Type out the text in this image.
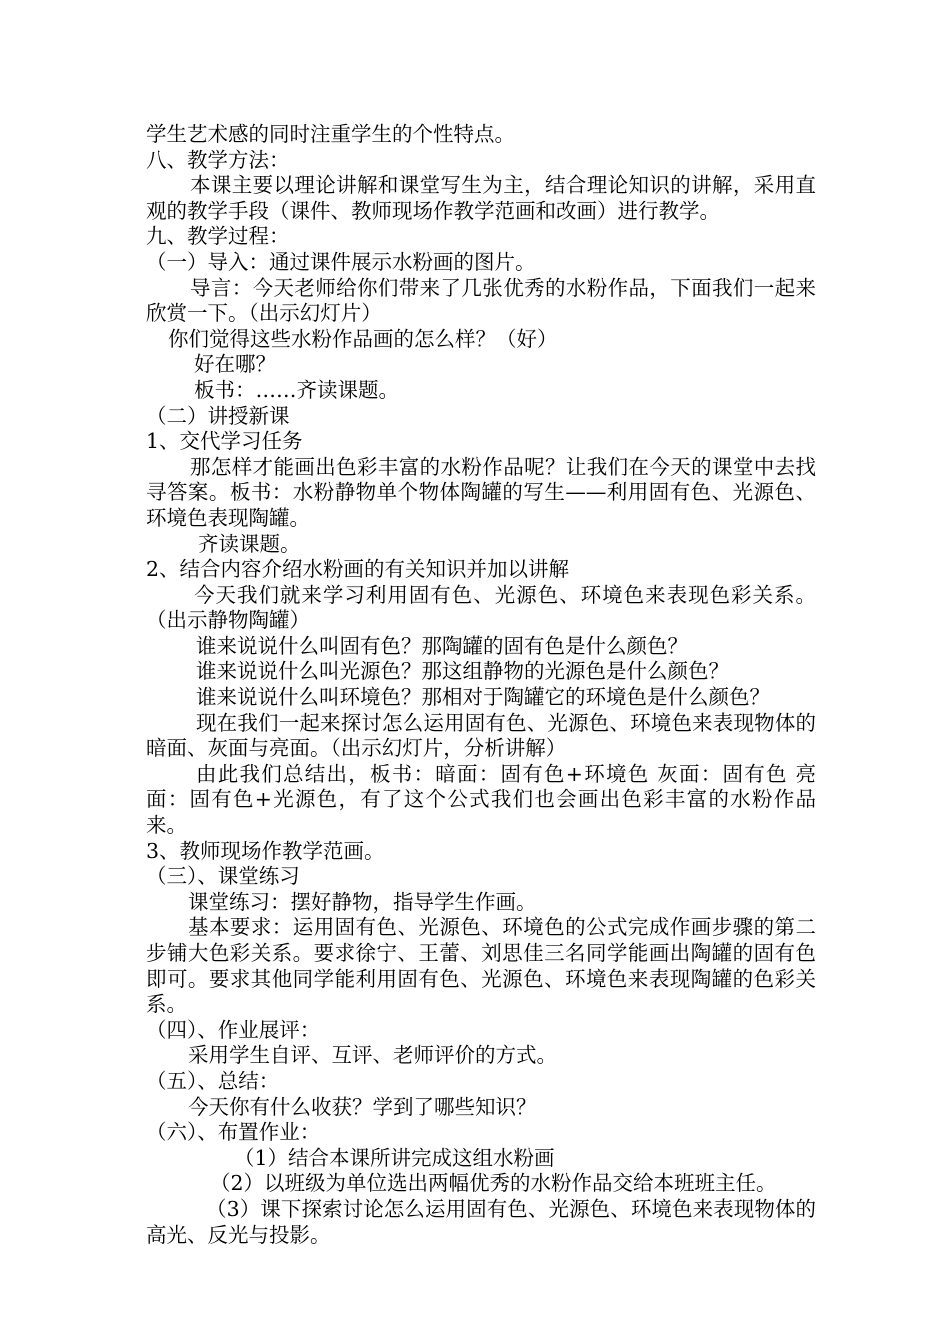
学生艺术感的同时注重学生的个性特点。

八、教学方法：

本课主要以理论讲解和课堂写生为主，结合理论知识的讲解，采用直观的教学手段（课件、教师现场作教学范画和改画）进行教学。

九、教学过程：

（一）导入：通过课件展示水粉画的图片。

导言：今天老师给你们带来了几张优秀的水粉作品，下面我们一起来欣赏一下。（出示幻灯片）

你们觉得这些水粉作品画的怎么样？（好）

好在哪？

板书：……齐读课题。

（二）讲授新课

1、交代学习任务

那怎样才能画出色彩丰富的水粉作品呢？让我们在今天的课堂中去找寻答案。板书：水粉静物单个物体陶罐的写生——利用固有色、光源色、环境色表现陶罐。

齐读课题。

2、结合内容介绍水粉画的有关知识并加以讲解

今天我们就来学习利用固有色、光源色、环境色来表现色彩关系。（出示静物陶罐）

谁来说说什么叫固有色？那陶罐的固有色是什么颜色？

谁来说说什么叫光源色？那这组静物的光源色是什么颜色？

谁来说说什么叫环境色？那相对于陶罐它的环境色是什么颜色？

现在我们一起来探讨怎么运用固有色、光源色、环境色来表现物体的暗面、灰面与亮面。（出示幻灯片，分析讲解）

由此我们总结出，板书：暗面：固有色+环境色 灰面：固有色 亮面：固有色+光源色，有了这个公式我们也会画出色彩丰富的水粉作品来。

3、教师现场作教学范画。

（三）、课堂练习

课堂练习：摆好静物，指导学生作画。

基本要求：运用固有色、光源色、环境色的公式完成作画步骤的第二步铺大色彩关系。要求徐宁、王蕾、刘思佳三名同学能画出陶罐的固有色即可。要求其他同学能利用固有色、光源色、环境色来表现陶罐的色彩关系。

（四）、作业展评：

采用学生自评、互评、老师评价的方式。

（五）、总结：

今天你有什么收获？学到了哪些知识？

（六）、布置作业：

（1）结合本课所讲完成这组水粉画

（2）以班级为单位选出两幅优秀的水粉作品交给本班班主任。

（3）课下探索讨论怎么运用固有色、光源色、环境色来表现物体的高光、反光与投影。
